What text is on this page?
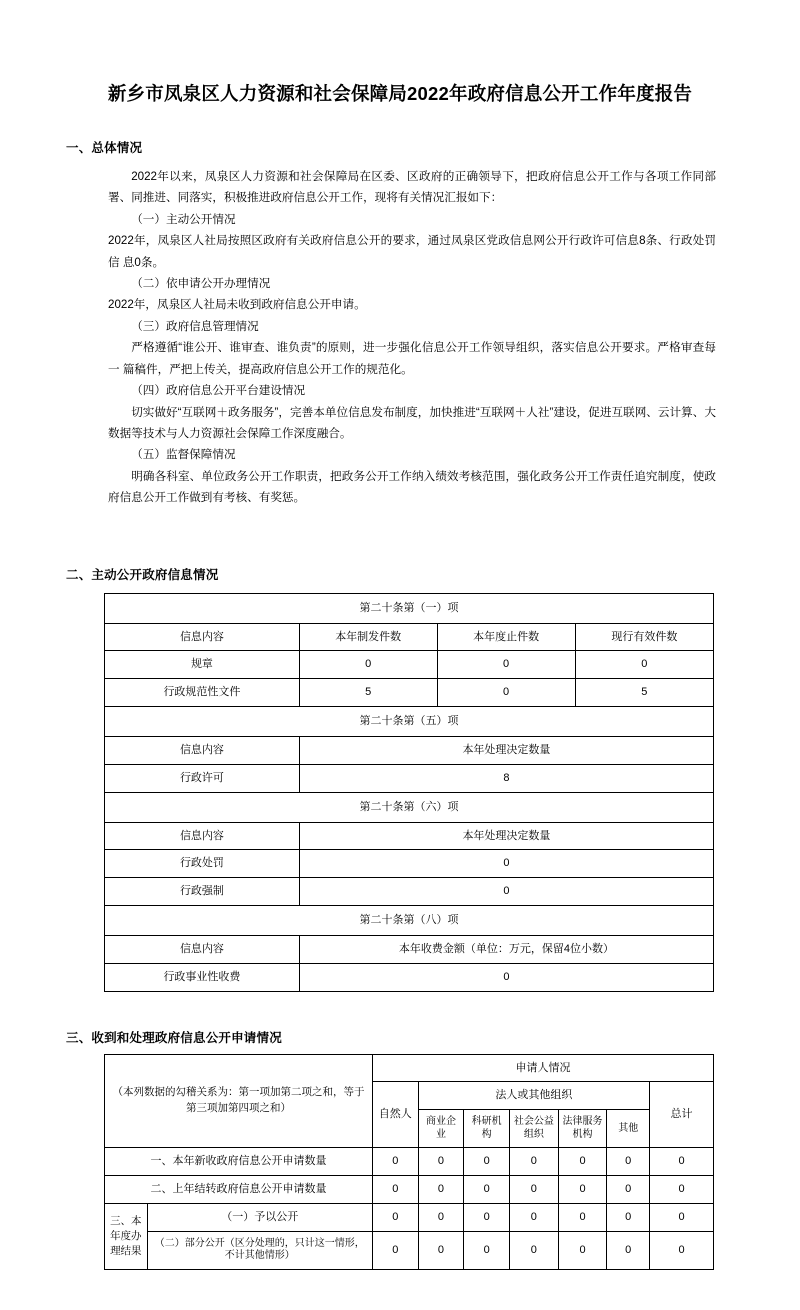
新乡市凤泉区人力资源和社会保障局2022年政府信息公开工作年度报告
一、总体情况

2022年以来，凤泉区人力资源和社会保障局在区委、区政府的正确领导下，把政府信息公开工作与各项工作同部署、同推进、同落实，积极推进政府信息公开工作，现将有关情况汇报如下：

（一）主动公开情况

2022年，凤泉区人社局按照区政府有关政府信息公开的要求，通过凤泉区党政信息网公开行政许可信息8条、行政处罚信 息0条。

（二）依申请公开办理情况

2022年，凤泉区人社局未收到政府信息公开申请。

（三）政府信息管理情况

严格遵循“谁公开、谁审查、谁负责”的原则，进一步强化信息公开工作领导组织，落实信息公开要求。严格审查每一 篇稿件，严把上传关，提高政府信息公开工作的规范化。

（四）政府信息公开平台建设情况

切实做好“互联网＋政务服务”，完善本单位信息发布制度，加快推进“互联网＋人社”建设，促进互联网、云计算、大数据等技术与人力资源社会保障工作深度融合。

（五）监督保障情况

明确各科室、单位政务公开工作职责，把政务公开工作纳入绩效考核范围，强化政务公开工作责任追究制度，使政府信息公开工作做到有考核、有奖惩。

二、主动公开政府信息情况
第二十条第（一）项			
信息内容	本年制发件数	本年度止件数	现行有效件数
规章	0	0	0
行政规范性文件	5	0	5
第二十条第（五）项			
信息内容	本年处理决定数量		
行政许可	8		
第二十条第（六）项			
信息内容	本年处理决定数量		
行政处罚	0		
行政强制	0		
第二十条第（八）项			
信息内容	本年收费金额（单位：万元，保留4位小数）		
行政事业性收费	0		
三、收到和处理政府信息公开申请情况
（本列数据的勾稽关系为：第一项加第二项之和，等于第三项加第四项之和）		申请人情况						
		自然人	法人或其他组织					总计
			商业企业	科研机构	社会公益组织	法律服务机构	其他	
一、本年新收政府信息公开申请数量		0	0	0	0	0	0	0
二、上年结转政府信息公开申请数量		0	0	0	0	0	0	0
三、本年度办理结果	（一）予以公开	0	0	0	0	0	0	0
	（二）部分公开（区分处理的，只计这一情形，不计其他情形）	0	0	0	0	0	0	0
